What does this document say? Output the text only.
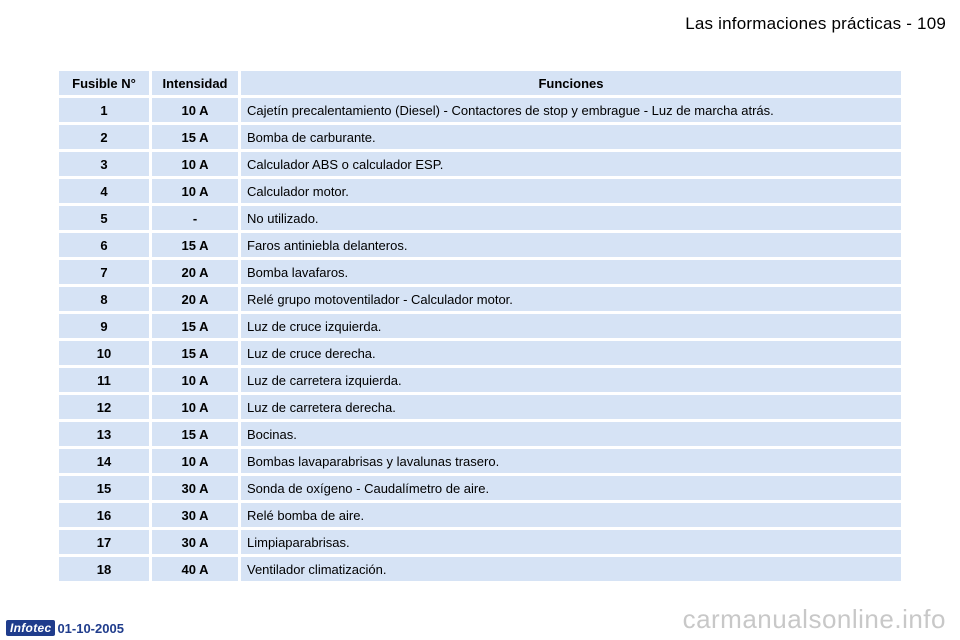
Las informaciones prácticas - 109
Fusible N°	Intensidad	Funciones
1	10 A	Cajetín precalentamiento (Diesel) - Contactores de stop y embrague - Luz de marcha atrás.
2	15 A	Bomba de carburante.
3	10 A	Calculador ABS o calculador ESP.
4	10 A	Calculador motor.
5	-	No utilizado.
6	15 A	Faros antiniebla delanteros.
7	20 A	Bomba lavafaros.
8	20 A	Relé grupo motoventilador - Calculador motor.
9	15 A	Luz de cruce izquierda.
10	15 A	Luz de cruce derecha.
11	10 A	Luz de carretera izquierda.
12	10 A	Luz de carretera derecha.
13	15 A	Bocinas.
14	10 A	Bombas lavaparabrisas y lavalunas trasero.
15	30 A	Sonda de oxígeno - Caudalímetro de aire.
16	30 A	Relé bomba de aire.
17	30 A	Limpiaparabrisas.
18	40 A	Ventilador climatización.
Infotec 01-10-2005	carmanualsonline.info
